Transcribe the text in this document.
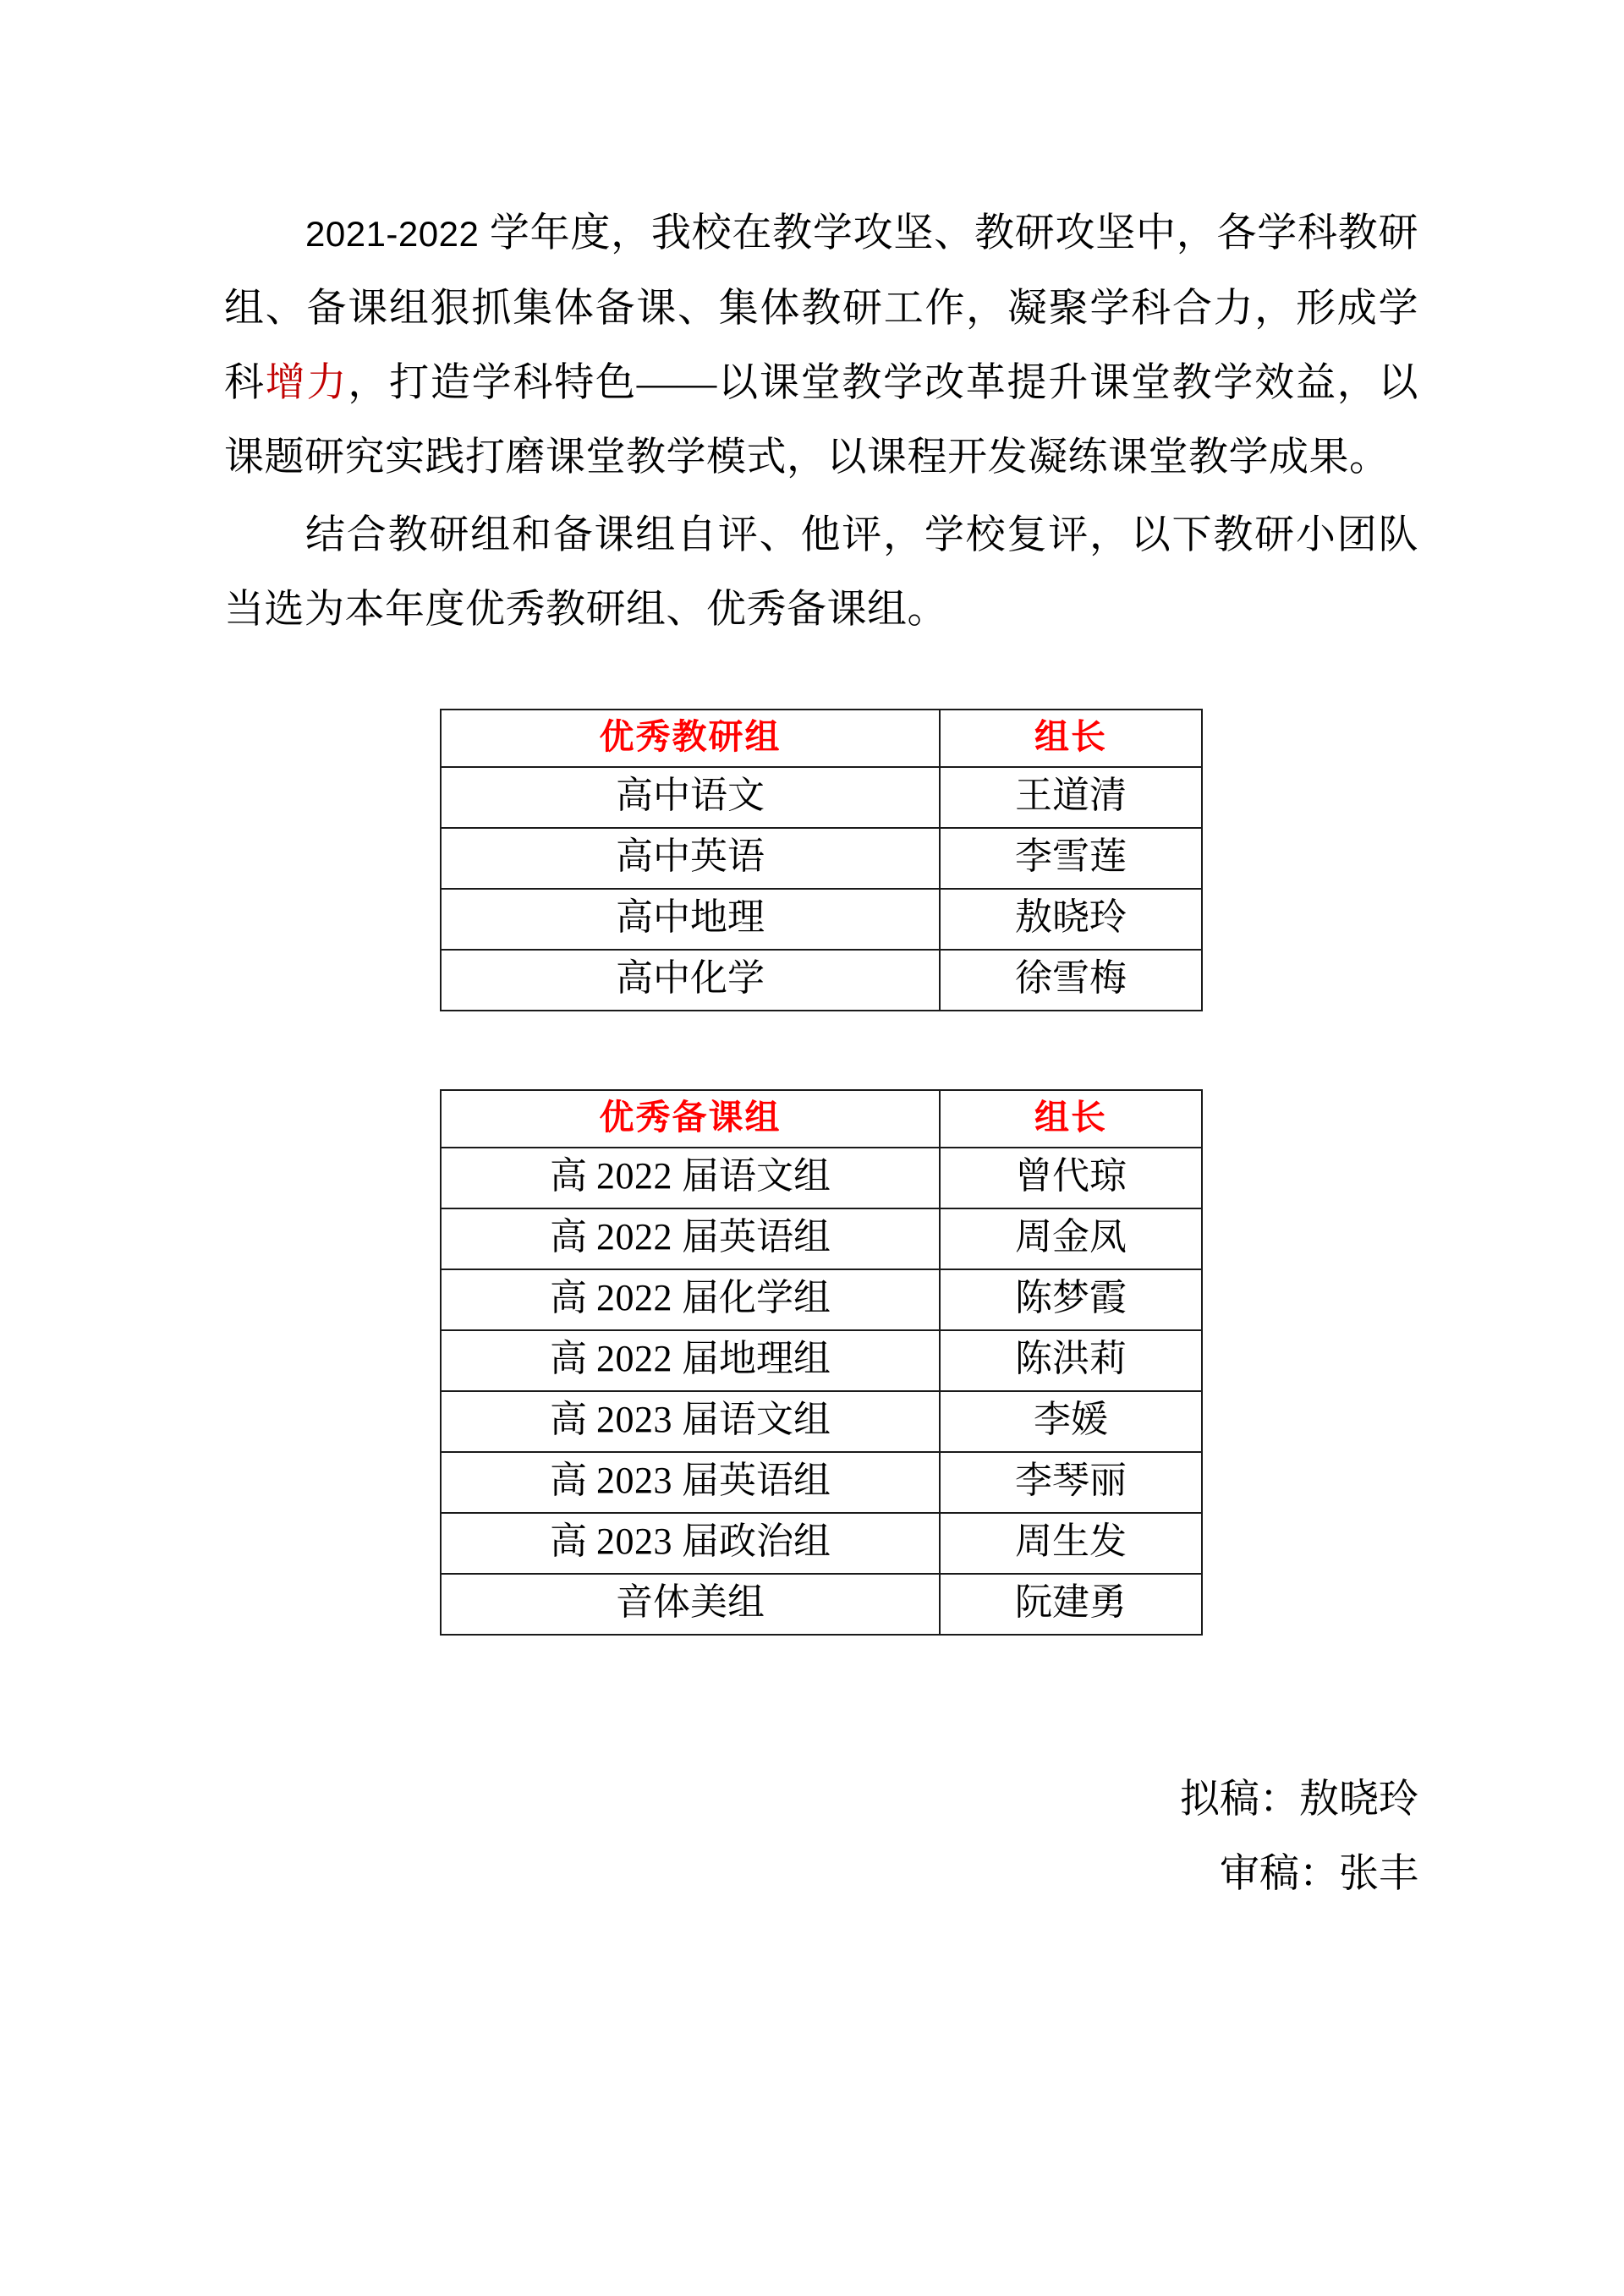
2021-2022 学年度，我校在教学攻坚、教研攻坚中，各学科教研组、备课组狠抓集体备课、集体教研工作，凝聚学科合力，形成学科增力，打造学科特色——以课堂教学改革提升课堂教学效益，以课题研究实践打磨课堂教学模式，以课程开发凝练课堂教学成果。

结合教研组和备课组自评、他评，学校复评，以下教研小团队当选为本年度优秀教研组、优秀备课组。

优秀教研组	组长
高中语文	王道清
高中英语	李雪莲
高中地理	敖晓玲
高中化学	徐雪梅
优秀备课组	组长
高 2022 届语文组	曾代琼
高 2022 届英语组	周金凤
高 2022 届化学组	陈梦霞
高 2022 届地理组	陈洪莉
高 2023 届语文组	李媛
高 2023 届英语组	李琴丽
高 2023 届政治组	周生发
音体美组	阮建勇
拟稿：敖晓玲
审稿：张丰
